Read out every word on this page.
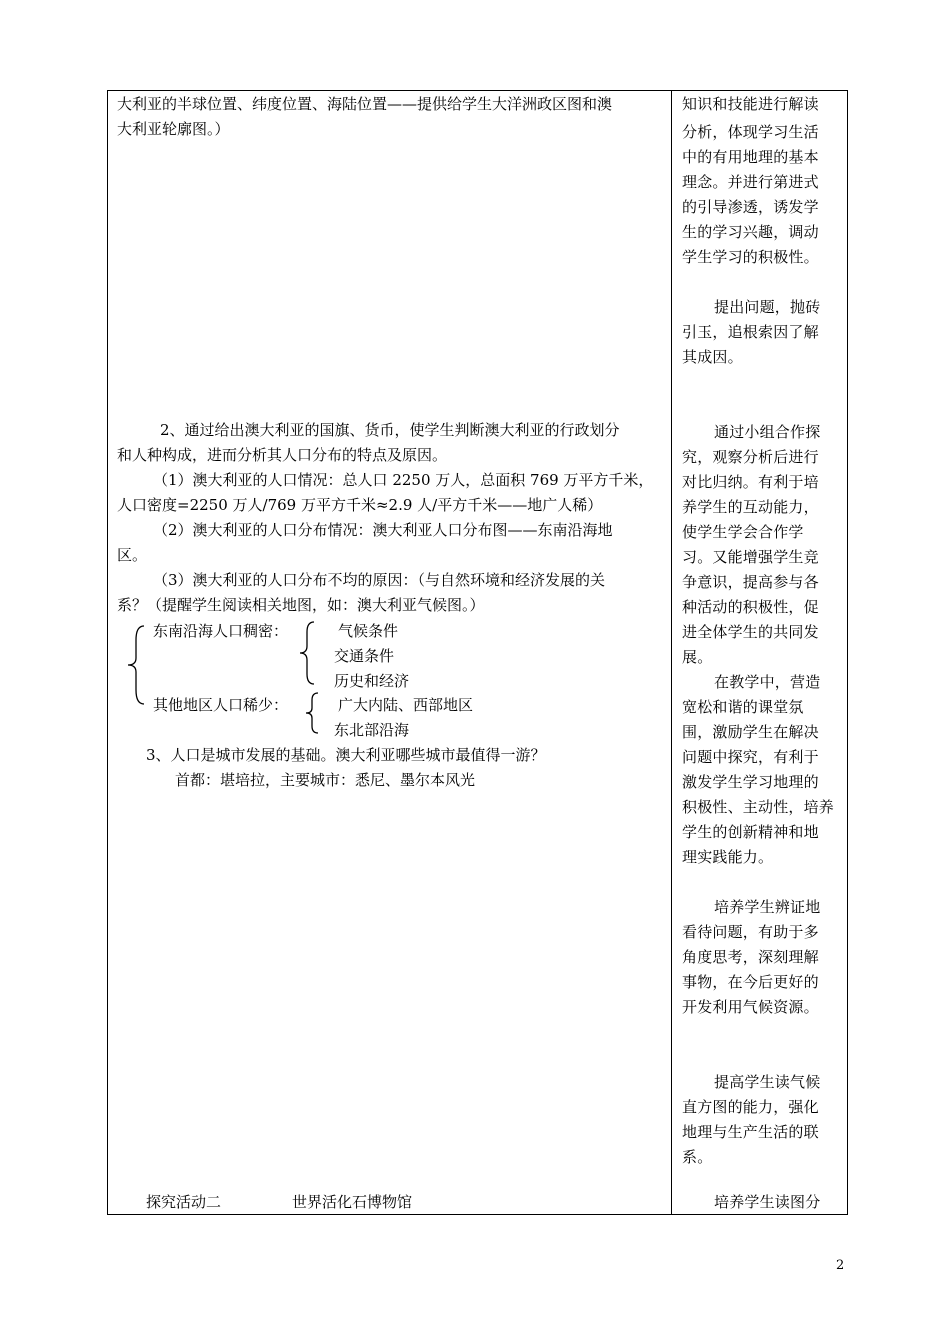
大利亚的半球位置、纬度位置、海陆位置——提供给学生大洋洲政区图和澳
大利亚轮廓图。）
2、通过给出澳大利亚的国旗、货币，使学生判断澳大利亚的行政划分
和人种构成，进而分析其人口分布的特点及原因。
（1）澳大利亚的人口情况：总人口 2250 万人，总面积 769 万平方千米，
人口密度=2250 万人/769 万平方千米≈2.9 人/平方千米——地广人稀）
（2）澳大利亚的人口分布情况：澳大利亚人口分布图——东南沿海地
区。
（3）澳大利亚的人口分布不均的原因：（与自然环境和经济发展的关
系？（提醒学生阅读相关地图，如：澳大利亚气候图。）
东南沿海人口稠密：	气候条件
交通条件
历史和经济
其他地区人口稀少：	广大内陆、西部地区
东北部沿海
3、人口是城市发展的基础。澳大利亚哪些城市最值得一游？
首都：堪培拉，主要城市：悉尼、墨尔本风光
探究活动二	世界活化石博物馆
知识和技能进行解读
分析，体现学习生活
中的有用地理的基本
理念。并进行第进式
的引导渗透，诱发学
生的学习兴趣，调动
学生学习的积极性。
提出问题，抛砖
引玉，追根索因了解
其成因。
通过小组合作探
究，观察分析后进行
对比归纳。有利于培
养学生的互动能力，
使学生学会合作学
习。又能增强学生竞
争意识，提高参与各
种活动的积极性，促
进全体学生的共同发
展。
在教学中，营造
宽松和谐的课堂氛
围，激励学生在解决
问题中探究，有利于
激发学生学习地理的
积极性、主动性，培养
学生的创新精神和地
理实践能力。
培养学生辨证地
看待问题，有助于多
角度思考，深刻理解
事物，在今后更好的
开发利用气候资源。
提高学生读气候
直方图的能力，强化
地理与生产生活的联
系。
培养学生读图分
2
